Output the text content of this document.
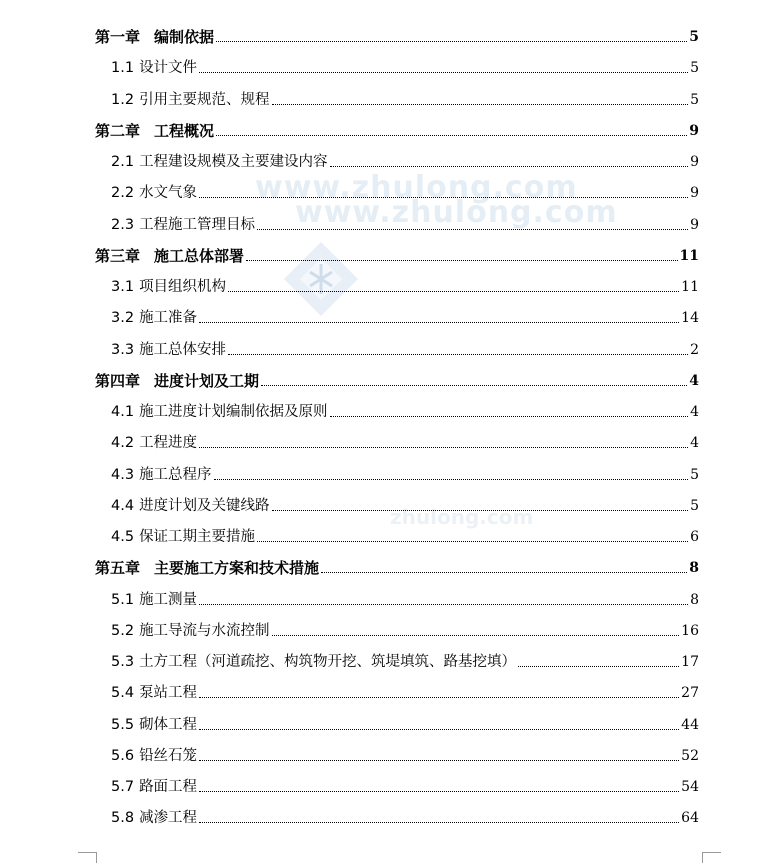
www.zhulong.com
www.zhulong.com
zhulong.com
第一章 编制依据	5
1.1 设计文件	5
1.2 引用主要规范、规程	5
第二章 工程概况	9
2.1 工程建设规模及主要建设内容	9
2.2 水文气象	9
2.3 工程施工管理目标	9
第三章 施工总体部署	11
3.1 项目组织机构	11
3.2 施工准备	14
3.3 施工总体安排	2
第四章 进度计划及工期	4
4.1 施工进度计划编制依据及原则	4
4.2 工程进度	4
4.3 施工总程序	5
4.4 进度计划及关键线路	5
4.5 保证工期主要措施	6
第五章 主要施工方案和技术措施	8
5.1 施工测量	8
5.2 施工导流与水流控制	16
5.3 土方工程（河道疏挖、构筑物开挖、筑堤填筑、路基挖填）	17
5.4 泵站工程	27
5.5 砌体工程	44
5.6 铅丝石笼	52
5.7 路面工程	54
5.8 减渗工程	64
